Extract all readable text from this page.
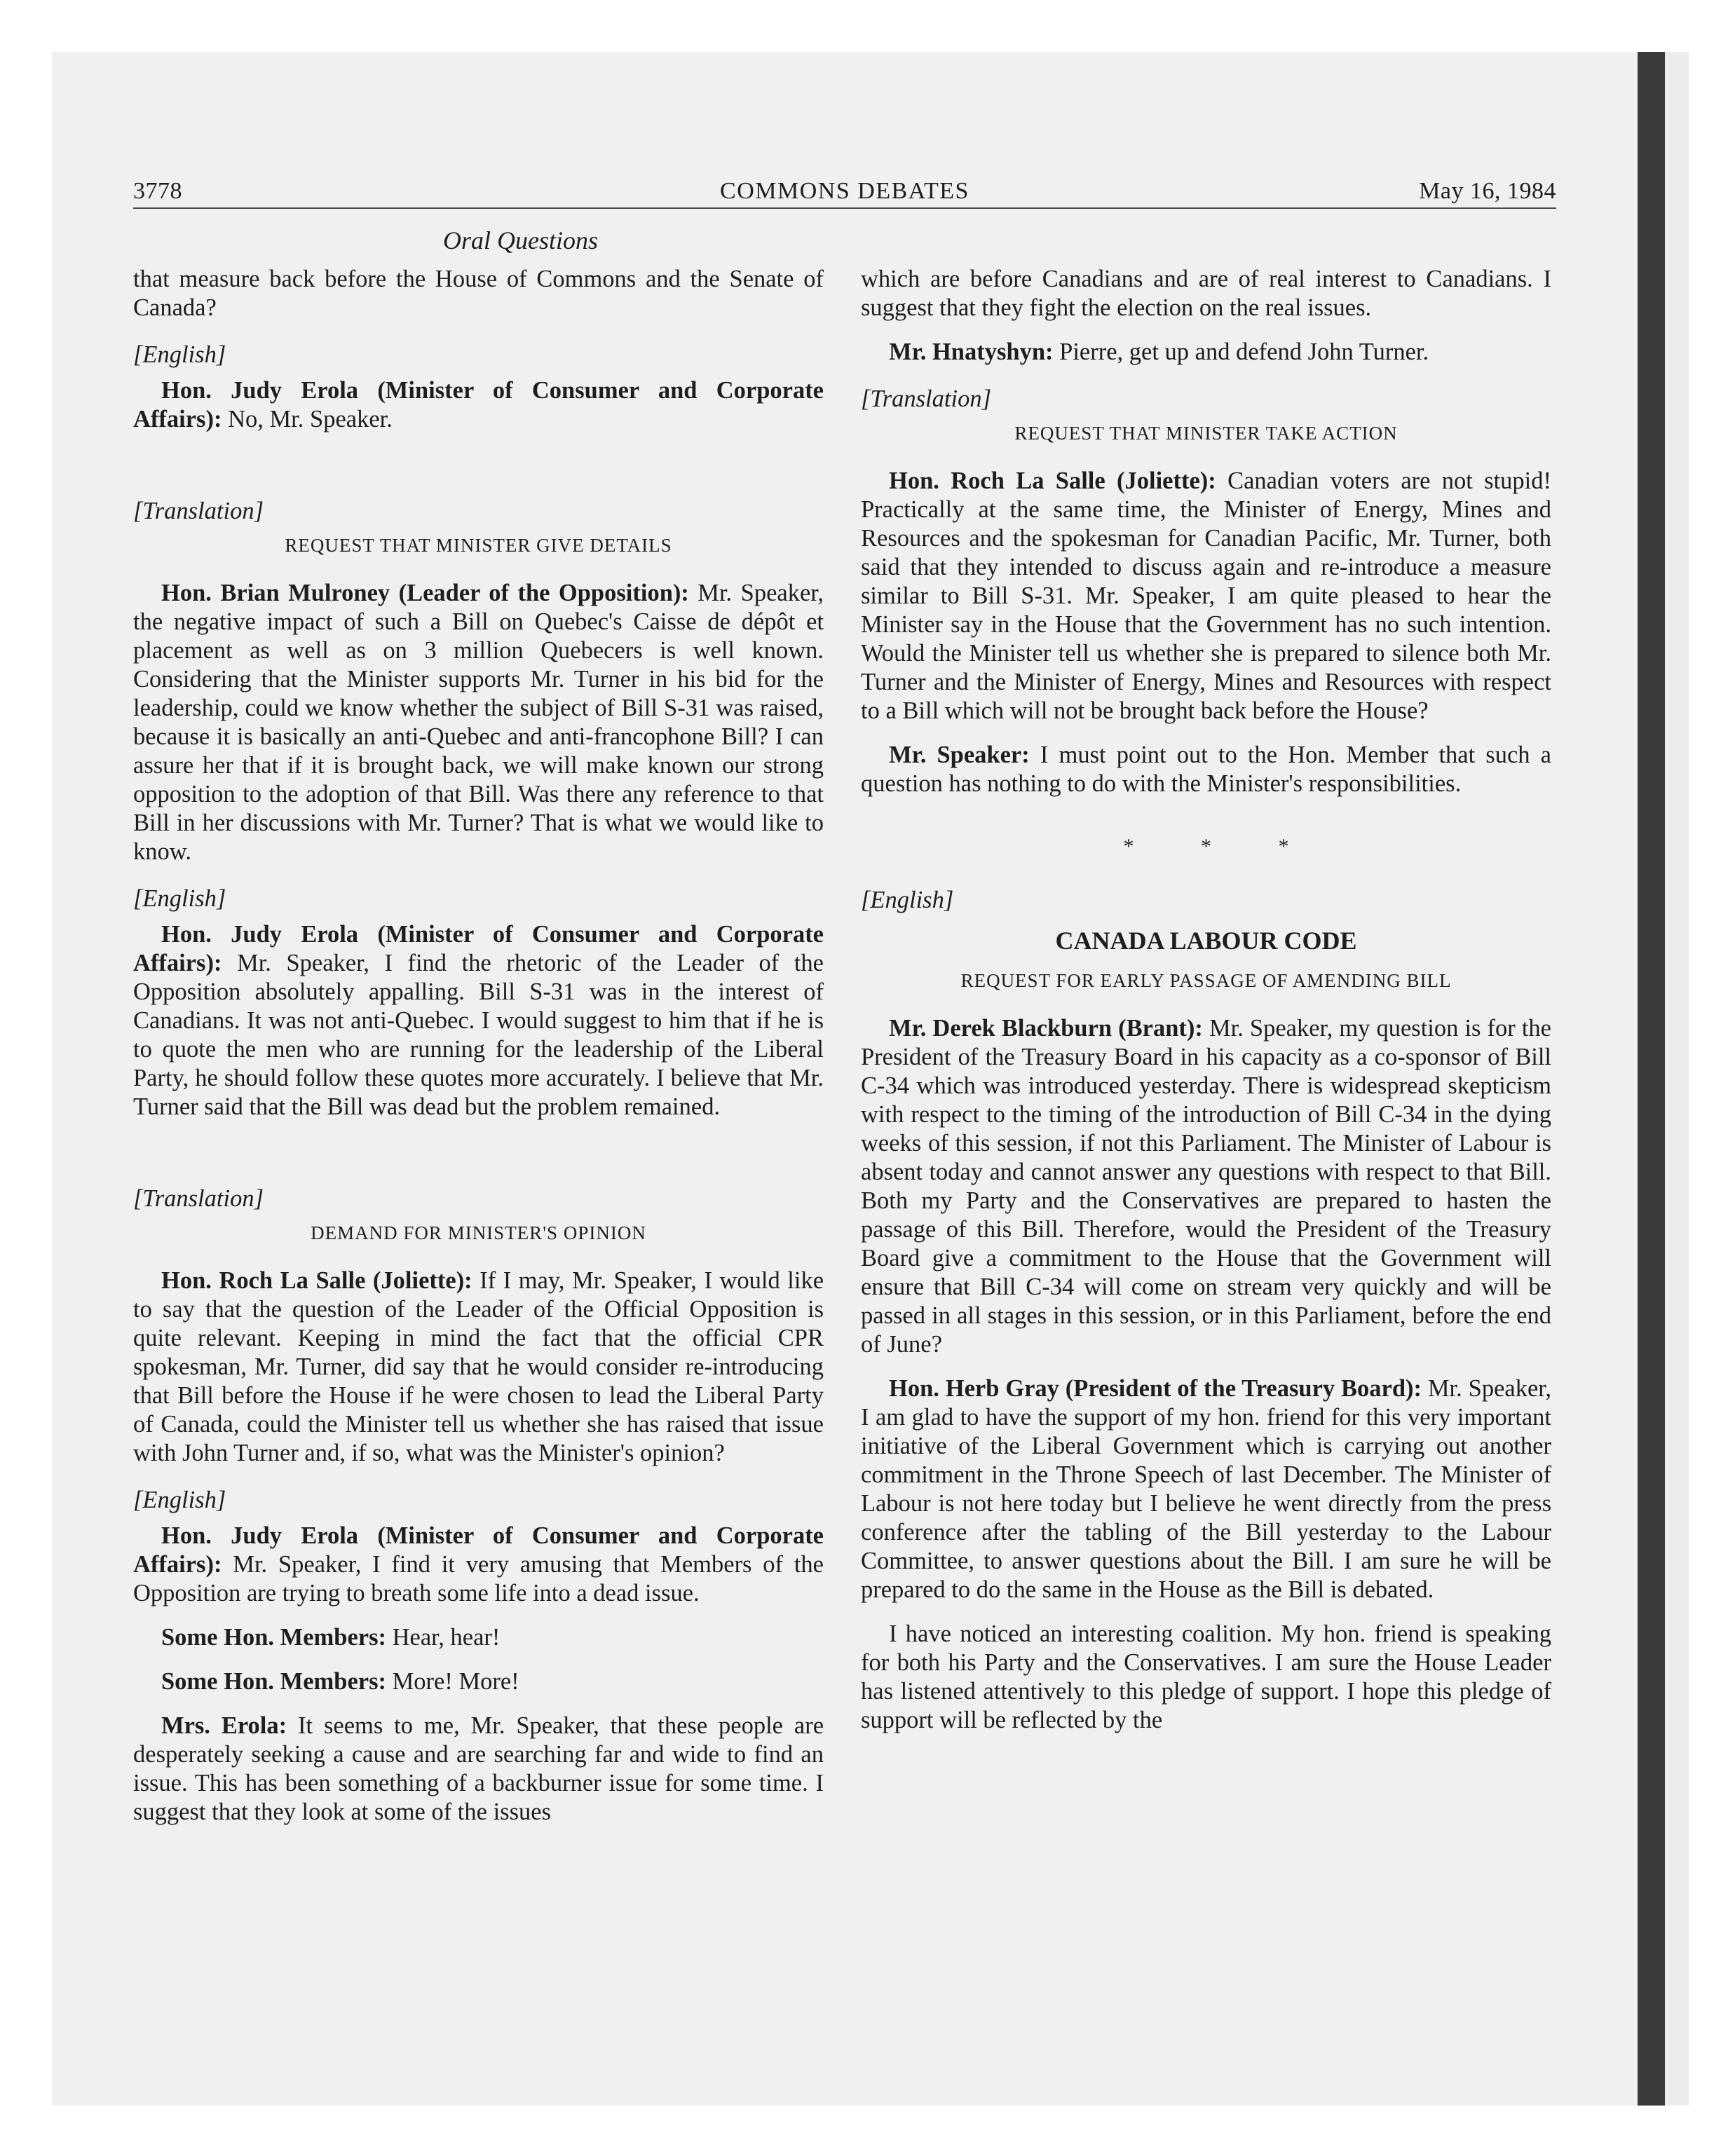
3778	COMMONS DEBATES	May 16, 1984
Oral Questions

that measure back before the House of Commons and the Senate of Canada?

[English]

Hon. Judy Erola (Minister of Consumer and Corporate Affairs): No, Mr. Speaker.

[Translation]
REQUEST THAT MINISTER GIVE DETAILS

Hon. Brian Mulroney (Leader of the Opposition): Mr. Speaker, the negative impact of such a Bill on Quebec's Caisse de dépôt et placement as well as on 3 million Quebecers is well known. Considering that the Minister supports Mr. Turner in his bid for the leadership, could we know whether the subject of Bill S-31 was raised, because it is basically an anti-Quebec and anti-francophone Bill? I can assure her that if it is brought back, we will make known our strong opposition to the adoption of that Bill. Was there any reference to that Bill in her discussions with Mr. Turner? That is what we would like to know.

[English]

Hon. Judy Erola (Minister of Consumer and Corporate Affairs): Mr. Speaker, I find the rhetoric of the Leader of the Opposition absolutely appalling. Bill S-31 was in the interest of Canadians. It was not anti-Quebec. I would suggest to him that if he is to quote the men who are running for the leadership of the Liberal Party, he should follow these quotes more accurately. I believe that Mr. Turner said that the Bill was dead but the problem remained.

[Translation]
DEMAND FOR MINISTER'S OPINION

Hon. Roch La Salle (Joliette): If I may, Mr. Speaker, I would like to say that the question of the Leader of the Official Opposition is quite relevant. Keeping in mind the fact that the official CPR spokesman, Mr. Turner, did say that he would consider re-introducing that Bill before the House if he were chosen to lead the Liberal Party of Canada, could the Minister tell us whether she has raised that issue with John Turner and, if so, what was the Minister's opinion?

[English]

Hon. Judy Erola (Minister of Consumer and Corporate Affairs): Mr. Speaker, I find it very amusing that Members of the Opposition are trying to breath some life into a dead issue.

Some Hon. Members: Hear, hear!

Some Hon. Members: More! More!

Mrs. Erola: It seems to me, Mr. Speaker, that these people are desperately seeking a cause and are searching far and wide to find an issue. This has been something of a backburner issue for some time. I suggest that they look at some of the issues

which are before Canadians and are of real interest to Canadians. I suggest that they fight the election on the real issues.

Mr. Hnatyshyn: Pierre, get up and defend John Turner.

[Translation]
REQUEST THAT MINISTER TAKE ACTION

Hon. Roch La Salle (Joliette): Canadian voters are not stupid! Practically at the same time, the Minister of Energy, Mines and Resources and the spokesman for Canadian Pacific, Mr. Turner, both said that they intended to discuss again and re-introduce a measure similar to Bill S-31. Mr. Speaker, I am quite pleased to hear the Minister say in the House that the Government has no such intention. Would the Minister tell us whether she is prepared to silence both Mr. Turner and the Minister of Energy, Mines and Resources with respect to a Bill which will not be brought back before the House?

Mr. Speaker: I must point out to the Hon. Member that such a question has nothing to do with the Minister's responsibilities.

* * *
[English]
CANADA LABOUR CODE
REQUEST FOR EARLY PASSAGE OF AMENDING BILL

Mr. Derek Blackburn (Brant): Mr. Speaker, my question is for the President of the Treasury Board in his capacity as a co-sponsor of Bill C-34 which was introduced yesterday. There is widespread skepticism with respect to the timing of the introduction of Bill C-34 in the dying weeks of this session, if not this Parliament. The Minister of Labour is absent today and cannot answer any questions with respect to that Bill. Both my Party and the Conservatives are prepared to hasten the passage of this Bill. Therefore, would the President of the Treasury Board give a commitment to the House that the Government will ensure that Bill C-34 will come on stream very quickly and will be passed in all stages in this session, or in this Parliament, before the end of June?

Hon. Herb Gray (President of the Treasury Board): Mr. Speaker, I am glad to have the support of my hon. friend for this very important initiative of the Liberal Government which is carrying out another commitment in the Throne Speech of last December. The Minister of Labour is not here today but I believe he went directly from the press conference after the tabling of the Bill yesterday to the Labour Committee, to answer questions about the Bill. I am sure he will be prepared to do the same in the House as the Bill is debated.

I have noticed an interesting coalition. My hon. friend is speaking for both his Party and the Conservatives. I am sure the House Leader has listened attentively to this pledge of support. I hope this pledge of support will be reflected by the
